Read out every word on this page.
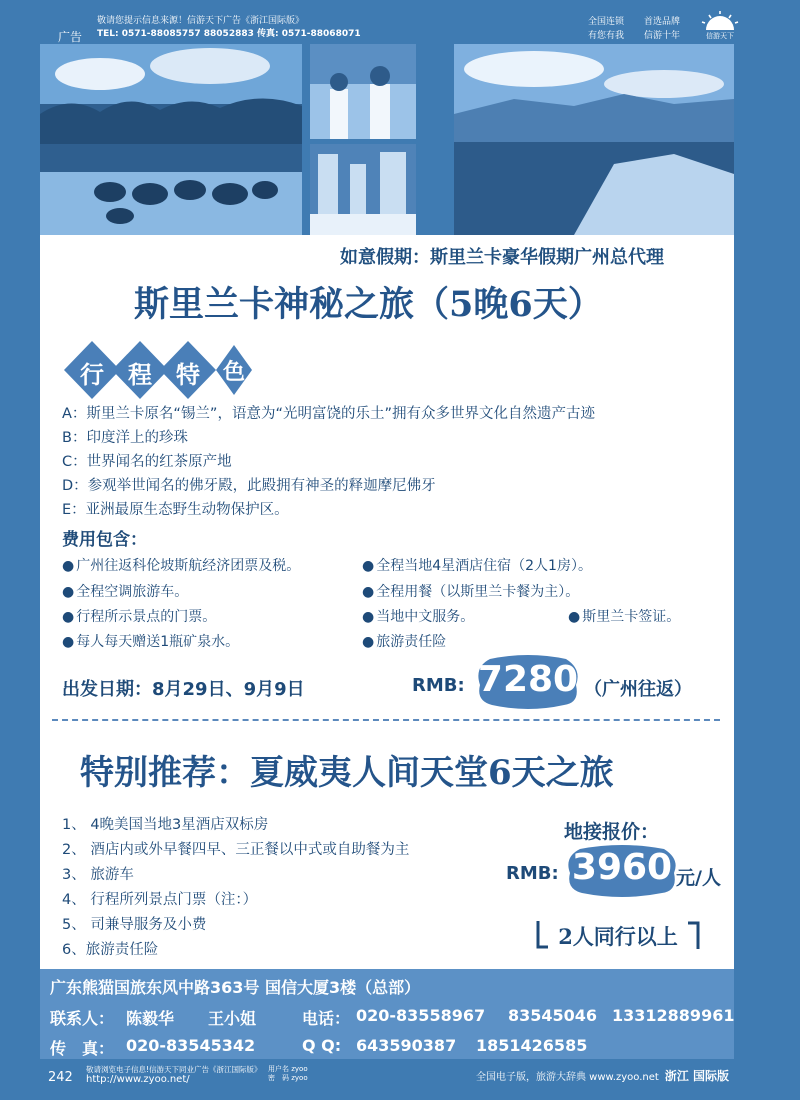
广告
敬请您提示信息来源！信游天下广告《浙江国际版》
TEL: 0571-88085757 88052883 传真: 0571-88068071
全国连锁 首选品牌
有您有我 信游十年	信游天下
如意假期：斯里兰卡豪华假期广州总代理
斯里兰卡神秘之旅（5晚6天）
行 程 特 色
A：斯里兰卡原名“锡兰”，语意为“光明富饶的乐土”拥有众多世界文化自然遗产古迹
B：印度洋上的珍珠
C：世界闻名的红茶原产地
D：参观举世闻名的佛牙殿，此殿拥有神圣的释迦摩尼佛牙
E：亚洲最原生态野生动物保护区。
费用包含：
● 广州往返科伦坡斯航经济团票及税。	● 全程当地4星酒店住宿（2人1房）。
● 全程空调旅游车。	● 全程用餐（以斯里兰卡餐为主）。
● 行程所示景点的门票。	● 当地中文服务。	● 斯里兰卡签证。
● 每人每天赠送1瓶矿泉水。	● 旅游责任险
出发日期：8月29日、9月9日	RMB: 7280 （广州往返）
特别推荐：夏威夷人间天堂6天之旅
1、 4晚美国当地3星酒店双标房
2、 酒店内或外早餐四早、三正餐以中式或自助餐为主
3、 旅游车
4、 行程所列景点门票（注：）
5、 司兼导服务及小费
6、旅游责任险
地接报价：
RMB: 3960 元/人
2人同行以上
广东熊猫国旅东风中路363号 国信大厦3楼（总部）
联系人： 陈毅华 王小姐	电话： 020-83558967 83545046 13312889961
传　真： 020-83545342	Q Q: 643590387 1851426585
242
敬请浏览电子信息!信游天下同业广告《浙江国际版》
http://www.zyoo.net/
用户名 zyoo
密　码 zyoo	全国电子版，旅游大辞典 www.zyoo.net 浙江 国际版
